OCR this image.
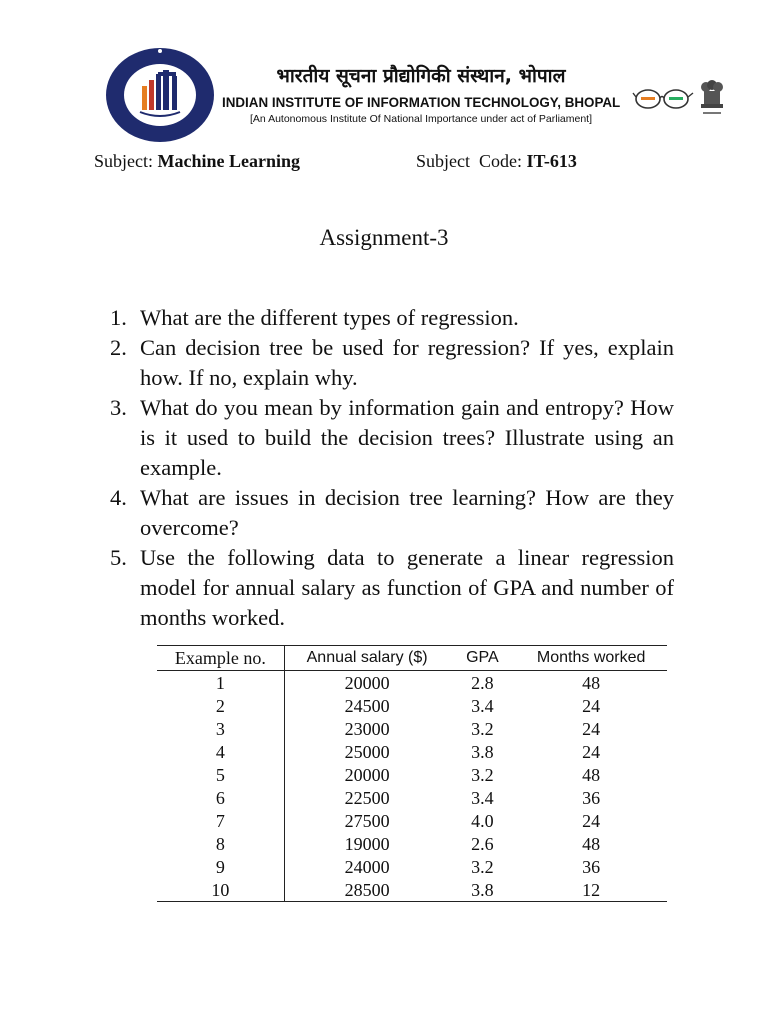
भारतीय सूचना प्रौद्योगिकी संस्थान, भोपाल
INDIAN INSTITUTE OF INFORMATION TECHNOLOGY, BHOPAL
[An Autonomous Institute Of National Importance under act of Parliament]
Subject: Machine Learning	Subject  Code: IT-613
Assignment-3
1. What are the different types of regression.
2. Can decision tree be used for regression? If yes, explain how. If no, explain why.
3. What do you mean by information gain and entropy? How is it used to build the decision trees? Illustrate using an example.
4. What are issues in decision tree learning? How are they overcome?
5. Use the following data to generate a linear regression model for annual salary as function of GPA and number of months worked.
Example no.	Annual salary ($)	GPA	Months worked
1	20000	2.8	48
2	24500	3.4	24
3	23000	3.2	24
4	25000	3.8	24
5	20000	3.2	48
6	22500	3.4	36
7	27500	4.0	24
8	19000	2.6	48
9	24000	3.2	36
10	28500	3.8	12
